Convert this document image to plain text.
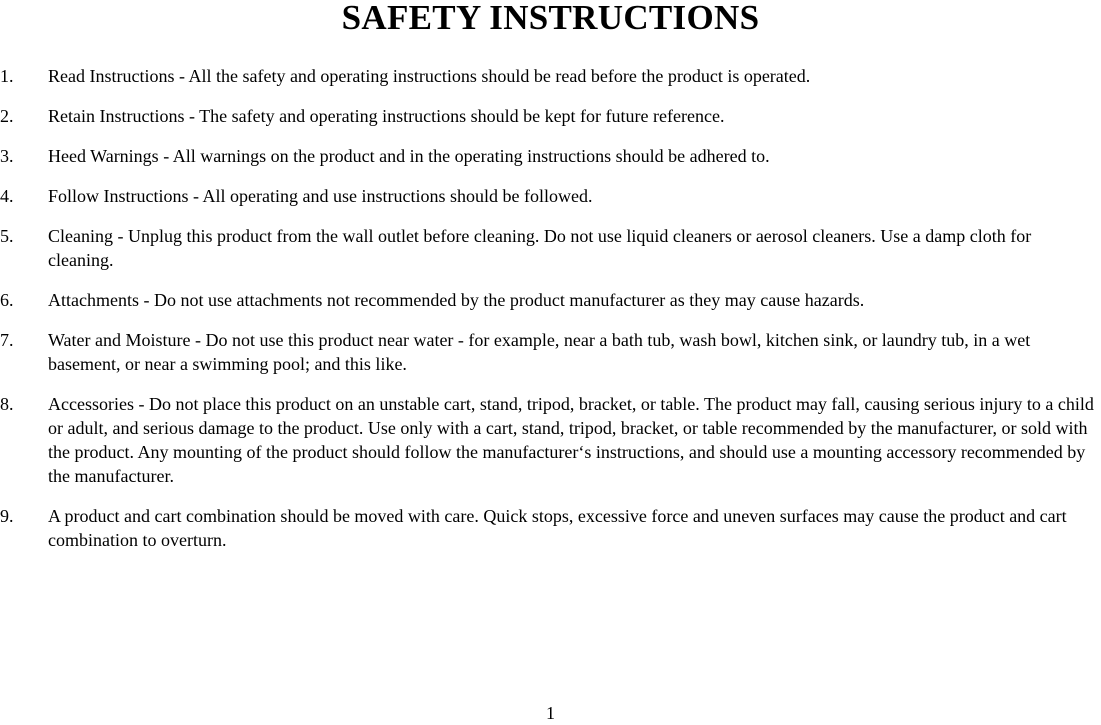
SAFETY INSTRUCTIONS
1.	Read Instructions - All the safety and operating instructions should be read before the product is operated.
2.	Retain Instructions - The safety and operating instructions should be kept for future reference.
3.	Heed Warnings - All warnings on the product and in the operating instructions should be adhered to.
4.	Follow Instructions - All operating and use instructions should be followed.
5.	Cleaning - Unplug this product from the wall outlet before cleaning. Do not use liquid cleaners or aerosol cleaners. Use a damp cloth for cleaning.
6.	Attachments - Do not use attachments not recommended by the product manufacturer as they may cause hazards.
7.	Water and Moisture - Do not use this product near water - for example, near a bath tub, wash bowl, kitchen sink, or laundry tub, in a wet basement, or near a swimming pool; and this like.
8.	Accessories - Do not place this product on an unstable cart, stand, tripod, bracket, or table. The product may fall, causing serious injury to a child or adult, and serious damage to the product. Use only with a cart, stand, tripod, bracket, or table recommended by the manufacturer, or sold with the product. Any mounting of the product should follow the manufacturer‘s instructions, and should use a mounting accessory recommended by the manufacturer.
9.	A product and cart combination should be moved with care. Quick stops, excessive force and uneven surfaces may cause the product and cart combination to overturn.
1
